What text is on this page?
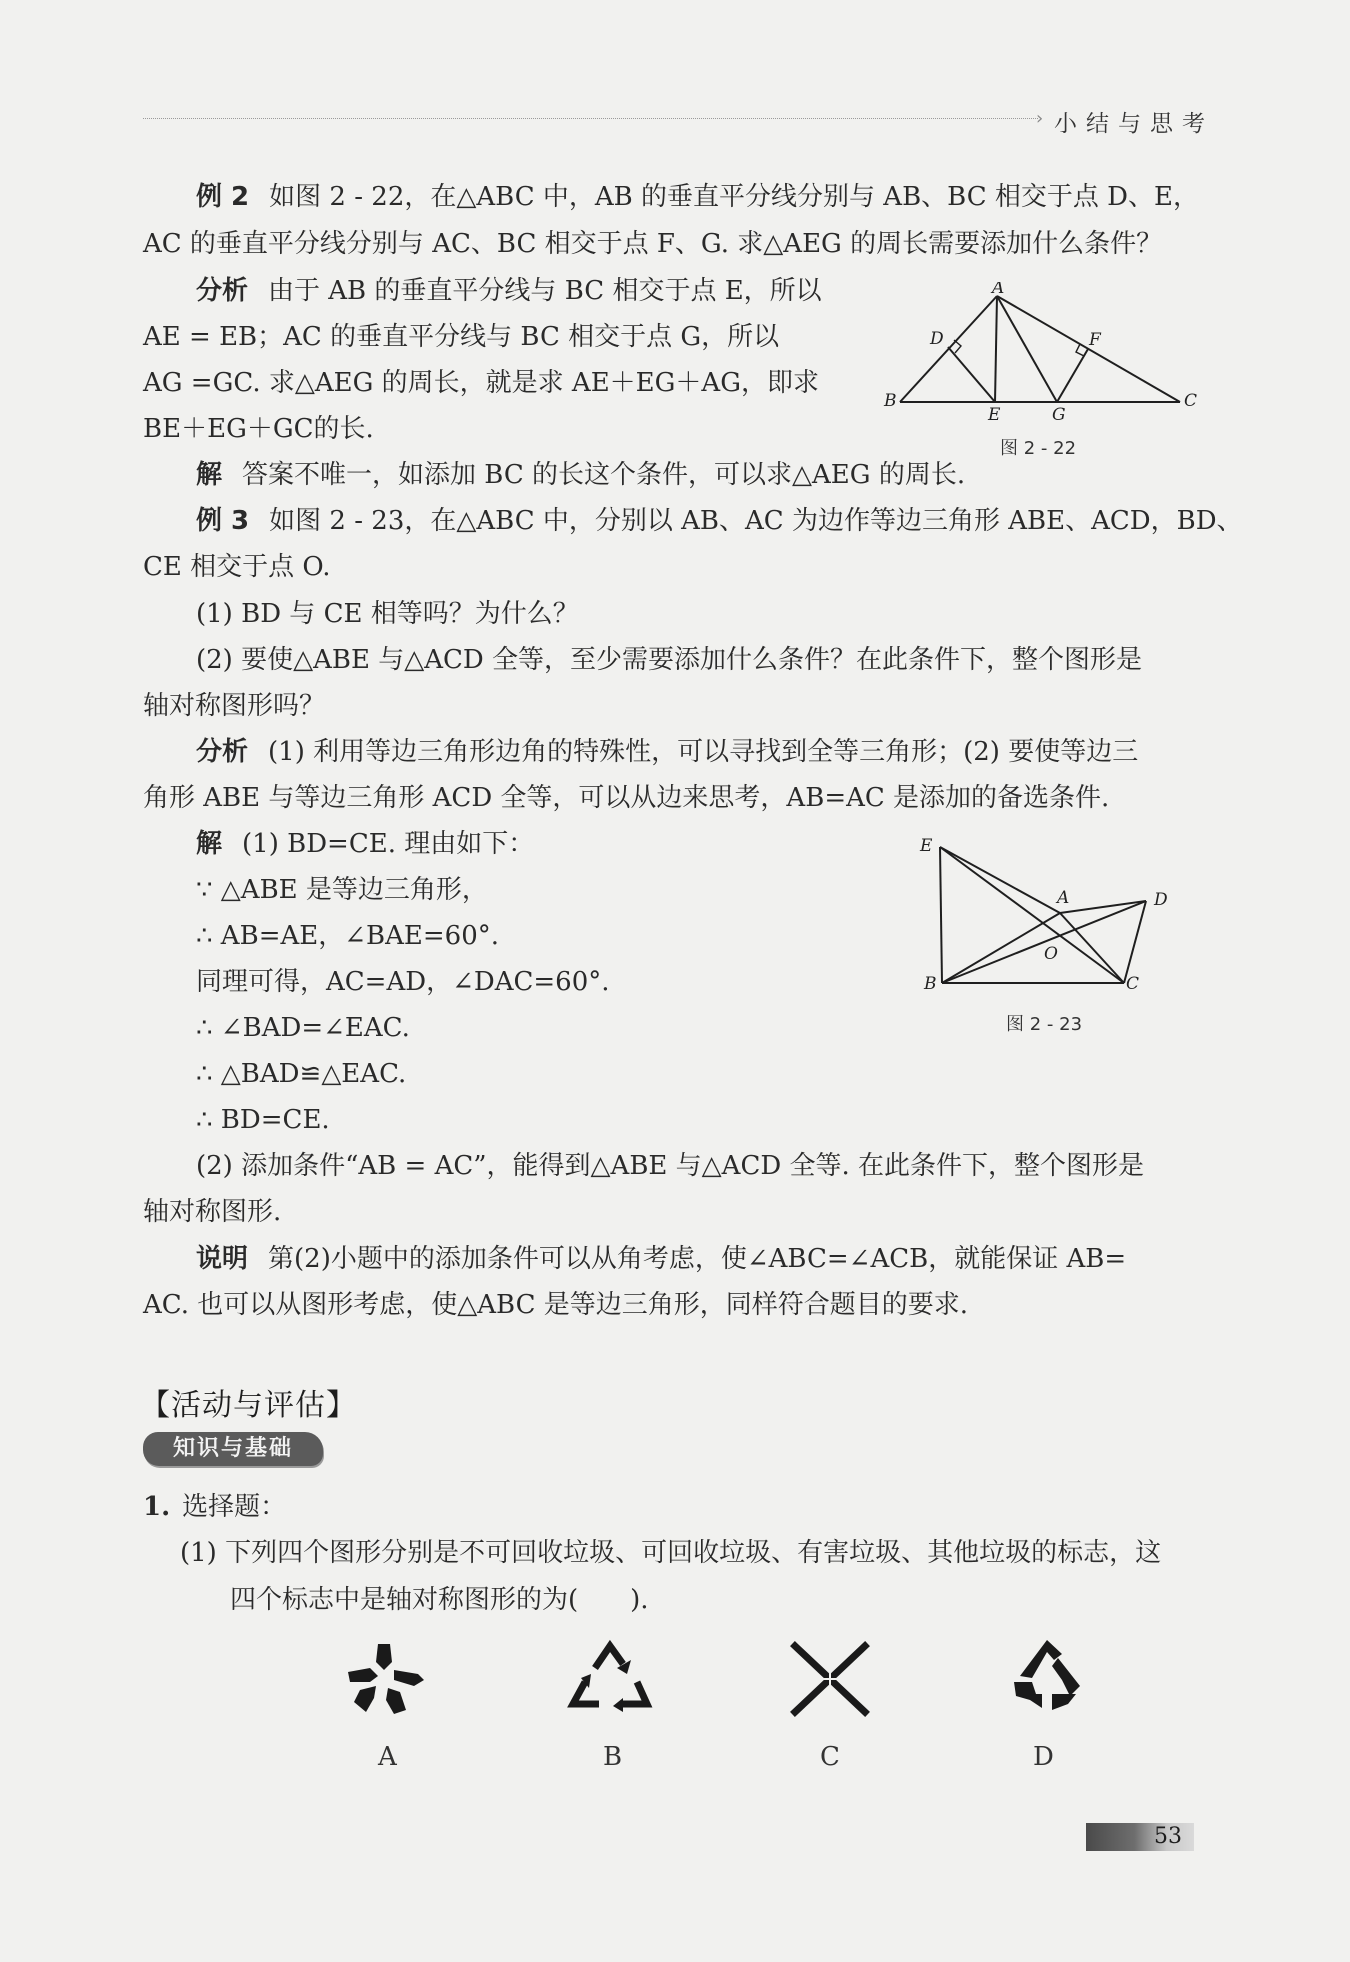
› 小结与思考
例 2 如图 2 - 22，在△ABC 中，AB 的垂直平分线分别与 AB、BC 相交于点 D、E，
AC 的垂直平分线分别与 AC、BC 相交于点 F、G. 求△AEG 的周长需要添加什么条件？
分析 由于 AB 的垂直平分线与 BC 相交于点 E，所以
AE = EB；AC 的垂直平分线与 BC 相交于点 G，所以
AG =GC. 求△AEG 的周长，就是求 AE＋EG＋AG，即求
BE＋EG＋GC的长.
解 答案不唯一，如添加 BC 的长这个条件，可以求△AEG 的周长.
A
B	C
D
E
F
G
图 2 - 22
例 3 如图 2 - 23，在△ABC 中，分别以 AB、AC 为边作等边三角形 ABE、ACD，BD、
CE 相交于点 O.
(1) BD 与 CE 相等吗？为什么？
(2) 要使△ABE 与△ACD 全等，至少需要添加什么条件？在此条件下，整个图形是
轴对称图形吗？
分析 (1) 利用等边三角形边角的特殊性，可以寻找到全等三角形；(2) 要使等边三
角形 ABE 与等边三角形 ACD 全等，可以从边来思考，AB=AC 是添加的备选条件.
解 (1) BD=CE. 理由如下：
∵ △ABE 是等边三角形，
∴ AB=AE，∠BAE=60°.
同理可得，AC=AD，∠DAC=60°.
∴ ∠BAD=∠EAC.
∴ △BAD≌△EAC.
∴ BD=CE.
(2) 添加条件“AB = AC”，能得到△ABE 与△ACD 全等. 在此条件下，整个图形是
轴对称图形.
说明 第(2)小题中的添加条件可以从角考虑，使∠ABC=∠ACB，就能保证 AB=
AC. 也可以从图形考虑，使△ABC 是等边三角形，同样符合题目的要求.
E
A	D
O
B	C
图 2 - 23
【活动与评估】
知识与基础
1. 选择题：
(1) 下列四个图形分别是不可回收垃圾、可回收垃圾、有害垃圾、其他垃圾的标志，这
四个标志中是轴对称图形的为(　　).
A	B	C	D
53
